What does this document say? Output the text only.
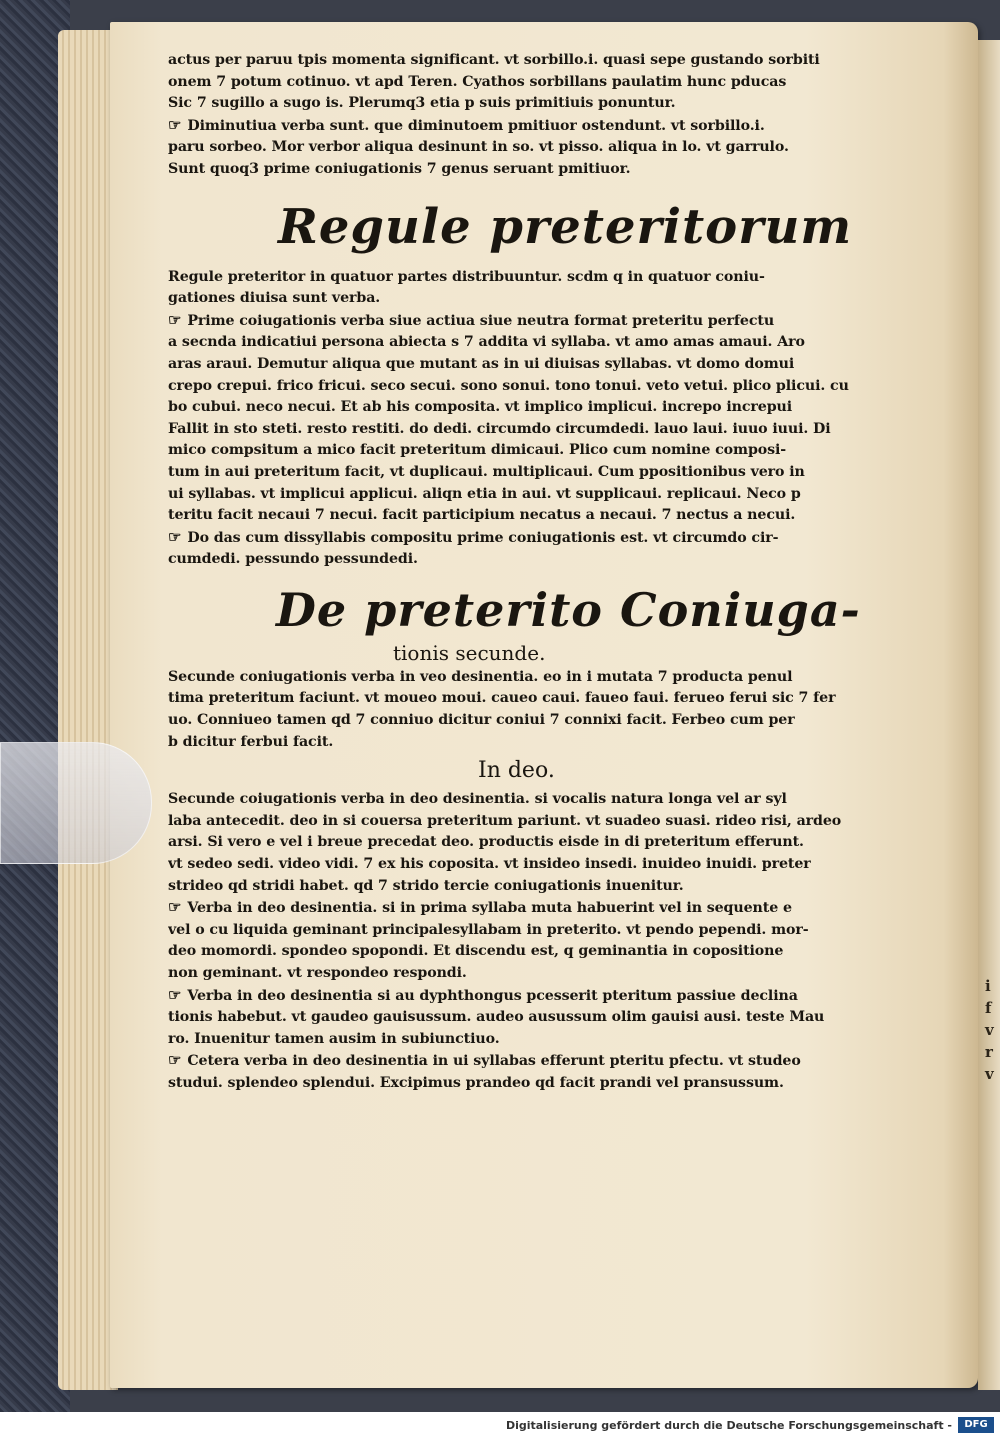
i
f
v
r
v
actus per paruu tpis momenta significant. vt sorbillo.i. quasi sepe gustando sorbiti
onem 7 potum cotinuo. vt apd Teren. Cyathos sorbillans paulatim hunc pducas
Sic 7 sugillo a sugo is. Plerumq3 etia p suis primitiuis ponuntur.
☞ Diminutiua verba sunt. que diminutoem pmitiuor ostendunt. vt sorbillo.i.
paru sorbeo. Mor verbor aliqua desinunt in so. vt pisso. aliqua in lo. vt garrulo.
Sunt quoq3 prime coniugationis 7 genus seruant pmitiuor.
Regule preteritorum
Regule preteritor in quatuor partes distribuuntur. scdm q in quatuor coniu-
gationes diuisa sunt verba.
☞ Prime coiugationis verba siue actiua siue neutra format preteritu perfectu
a secnda indicatiui persona abiecta s 7 addita vi syllaba. vt amo amas amaui. Aro
aras araui. Demutur aliqua que mutant as in ui diuisas syllabas. vt domo domui
crepo crepui. frico fricui. seco secui. sono sonui. tono tonui. veto vetui. plico plicui. cu
bo cubui. neco necui. Et ab his composita. vt implico implicui. increpo increpui
Fallit in sto steti. resto restiti. do dedi. circumdo circumdedi. lauo laui. iuuo iuui. Di
mico compsitum a mico facit preteritum dimicaui. Plico cum nomine composi-
tum in aui preteritum facit, vt duplicaui. multiplicaui. Cum ppositionibus vero in
ui syllabas. vt implicui applicui. aliqn etia in aui. vt supplicaui. replicaui. Neco p
teritu facit necaui 7 necui. facit participium necatus a necaui. 7 nectus a necui.
☞ Do das cum dissyllabis compositu prime coniugationis est. vt circumdo cir-
cumdedi. pessundo pessundedi.
De preterito Coniuga-
tionis secunde.
Secunde coniugationis verba in veo desinentia. eo in i mutata 7 producta penul
tima preteritum faciunt. vt moueo moui. caueo caui. faueo faui. ferueo ferui sic 7 fer
uo. Conniueo tamen qd 7 conniuo dicitur coniui 7 connixi facit. Ferbeo cum per
b dicitur ferbui facit.
In deo.
Secunde coiugationis verba in deo desinentia. si vocalis natura longa vel ar syl
laba antecedit. deo in si couersa preteritum pariunt. vt suadeo suasi. rideo risi, ardeo
arsi. Si vero e vel i breue precedat deo. productis eisde in di preteritum efferunt.
vt sedeo sedi. video vidi. 7 ex his coposita. vt insideo insedi. inuideo inuidi. preter
strideo qd stridi habet. qd 7 strido tercie coniugationis inuenitur.
☞ Verba in deo desinentia. si in prima syllaba muta habuerint vel in sequente e
vel o cu liquida geminant principalesyllabam in preterito. vt pendo pependi. mor-
deo momordi. spondeo spopondi. Et discendu est, q geminantia in copositione
non geminant. vt respondeo respondi.
☞ Verba in deo desinentia si au dyphthongus pcesserit pteritum passiue declina
tionis habebut. vt gaudeo gauisussum. audeo ausussum olim gauisi ausi. teste Mau
ro. Inuenitur tamen ausim in subiunctiuo.
☞ Cetera verba in deo desinentia in ui syllabas efferunt pteritu pfectu. vt studeo
studui. splendeo splendui. Excipimus prandeo qd facit prandi vel pransussum.
Digitalisierung gefördert durch die Deutsche Forschungsgemeinschaft -	DFG
